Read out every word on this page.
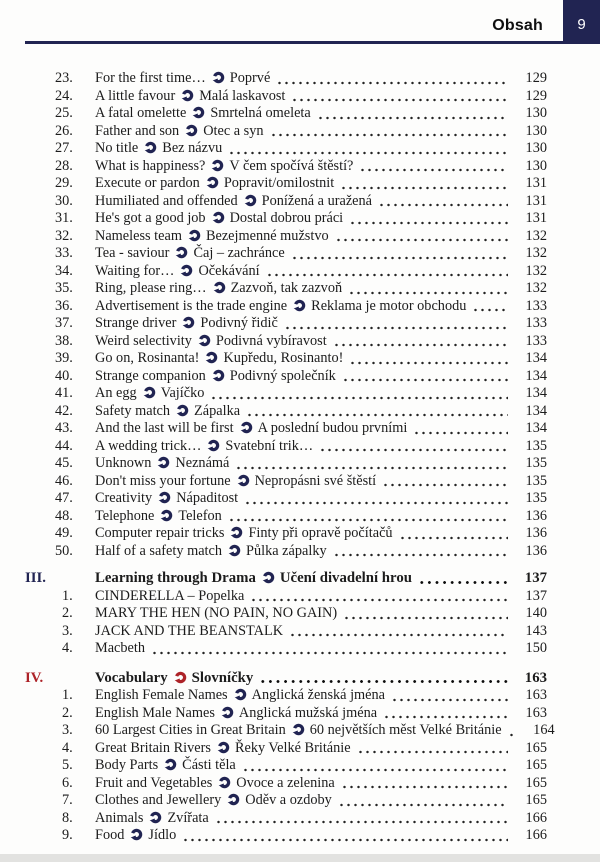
Obsah 9
23.	For the first time… Poprvé	129
24.	A little favour Malá laskavost	129
25.	A fatal omelette Smrtelná omeleta	130
26.	Father and son Otec a syn	130
27.	No title Bez názvu	130
28.	What is happiness? V čem spočívá štěstí?	130
29.	Execute or pardon Popravit/omilostnit	131
30.	Humiliated and offended Ponížená a uražená	131
31.	He's got a good job Dostal dobrou práci	131
32.	Nameless team Bezejmenné mužstvo	132
33.	Tea - saviour Čaj – zachránce	132
34.	Waiting for… Očekávání	132
35.	Ring, please ring… Zazvoň, tak zazvoň	132
36.	Advertisement is the trade engine Reklama je motor obchodu	133
37.	Strange driver Podivný řidič	133
38.	Weird selectivity Podivná vybíravost	133
39.	Go on, Rosinanta! Kupředu, Rosinanto!	134
40.	Strange companion Podivný společník	134
41.	An egg Vajíčko	134
42.	Safety match Zápalka	134
43.	And the last will be first A poslední budou prvními	134
44.	A wedding trick… Svatební trik…	135
45.	Unknown Neznámá	135
46.	Don't miss your fortune Nepropásni své štěstí	135
47.	Creativity Nápaditost	135
48.	Telephone Telefon	136
49.	Computer repair tricks Finty při opravě počítačů	136
50.	Half of a safety match Půlka zápalky	136
III.	Learning through Drama Učení divadelní hrou	137
1.	CINDERELLA – Popelka	137
2.	MARY THE HEN (NO PAIN, NO GAIN)	140
3.	JACK AND THE BEANSTALK	143
4.	Macbeth	150
IV.	Vocabulary Slovníčky	163
1.	English Female Names Anglická ženská jména	163
2.	English Male Names Anglická mužská jména	163
3.	60 Largest Cities in Great Britain 60 největších měst Velké Británie	164
4.	Great Britain Rivers Řeky Velké Británie	165
5.	Body Parts Části těla	165
6.	Fruit and Vegetables Ovoce a zelenina	165
7.	Clothes and Jewellery Oděv a ozdoby	165
8.	Animals Zvířata	166
9.	Food Jídlo	166
